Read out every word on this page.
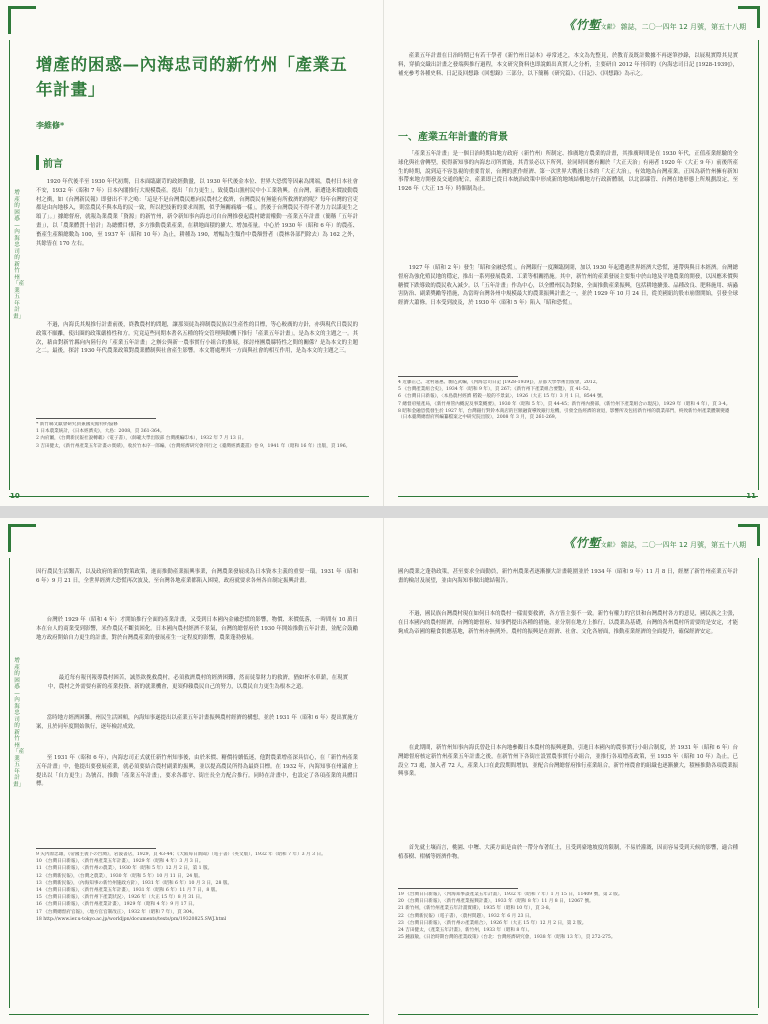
增產的困惑—內海忠司的新竹州「產業五年計畫」
增產的困惑—內海忠司的新竹州「產業五年計畫」
李維修*
前言
1920 年代後半至 1930 年代初期，日本面臨嚴苛的政經動盪，以 1930 年代後金本位、世界大恐慌等因素為開端，農村日本社會不安，1932 年（昭和 7 年）日本內閣推行大規模農產。提出「自力更生」，致使農山漁村民中小工業勃興。在台灣，新遭逢米價波動農村之衝，如《台灣新民報》即發出不平之鳴：「這是不是台灣農民應向民農村之救濟，台灣農民有無能有所救濟的的呢？每年台灣的官吏都是由內地移入，則當農民不與本島的民一致，所以把技術的要求周圍，似乎無關痛癢一樣」，然後于台灣農民不得不著力力以謀更生之頌了」。」據總督府，就報為業農業「資源」的新竹州，新令新知事內海忠司自台灣推發起農村總需權動一產業五年計畫（簡稱「五年計畫」），以「農業體質十倍計」為總體目標，多方推動農業產業，在耕地面積的擴大、增加產量。中心於 1930 年（昭和 6 年）的農產、畜產生產額總數為 100，至 1937 年（昭和 10 年）為止，耕種為 190，增幅為生類作中農額營者（農林各部門除去）為 162 之外，其餘皆在 170 左右。
不過，內海氏其規推行計畫前後，終教農村的問題，讓那須徒為抑制農民族以生產性的目標，等心較廣的方針，亦與現代日農民的政策不願離，使出圈的政策嚴格性和方。究竟這些同期本著名五種的特交管理與動機下推行「產業五年計畫」，是為本文的主題之一。其次，藉由對新竹縣向內陸行內「產業五年計畫」之辦公與新一農事實行小組合的推展，探討州團農縣特性之間的關係？是為本文的主題之二。最後，探討 1930 年代農業政策對農業體制與社會產生影響。本文將處理其一方面與社會的相互作用，是為本文的主題之三。
* 新竹縣文獻會研究員兼國史館特約協修
1 日本農業統計，《日本經濟史》，大島：2008，頁 361-364。
2 內府屬，《台灣新民報社說轉載》（電子書），（師範大學出版部 台灣漢編印本），1932 年 7 月 13 日。
3 吉田健太，《新竹州產業五年計畫の實績》，收於竹本序一郎編，《台灣經濟研究會刊行之《臺灣經濟叢書》卷 9，1941 年（昭和 16 年）出版，頁 196。
10
《竹塹文獻》 雜誌，二〇一四年 12 月號，第五十八期
產業五年計畫在日治時期已有若干學者《新竹州日誌本》尋常述之，本文為先整見，於教育及既計數據不再逐筆抄錄，以展現實際其見實料，穿插交織出計畫之發端與推行過程，本文研究資料也即說頗出真實人之分析，主要研自 2012 年刊印的《內海忠司日記 [1928-1939]》，補充參考各種史料、日記及回想錄《回想錄》三部分，以下簡稱《研究篇》、《日記》、《回想錄》為示之。
一、產業五年計畫的背景
「產業五年計畫」是一個日治時期由地方政府（新竹州）所制定、推廣地方農業的計畫，其推廣時間是在 1930 年代，正值產業經驗的全球化與社會轉型，使得新知事的內海忠司所實施，其背景必以下所列，並同時回應有關於「大正天治」有兩者 1920 年（大正 9 年）前後所產生的時期，說到這不容忽視的重要背景，台灣的蔗作經濟、第一次世界大戰後日本的「大正大治」，有效地為台灣產業。正因為新竹州擁有新知事帶來地方開發及交通的配合，產業即已從日本統治政策中形成新的地域結構地方行政新體制，以北部縣管、台灣在地形態上所規劃設定，至 1926 年（大正 15 年）時額制為止。
1927 年（昭和 2 年）發生「昭和金融恐慌」，台灣銀行一度瀕臨倒閉，加以 1930 年起遭遇世界經濟大恐慌，連帶與與日本經濟。台灣總督府為強化殖民地的穩定，推出一系列發展農業、工業等相關措施。其中，新竹州的產業發展主要集中於山地及平地農業的開發，以因應米價與糖價下跌導致的農民收入減少。以「五年計畫」作為中心，以全體州民為對象，全面推動產業振興，包括耕地擴張、品種改良、肥料施用、病蟲害防治、副業獎勵等措施，為當時台灣各州中規模最大的農業振興計畫之一，並於 1929 年 10 月 24 日，從美國紐約股市崩盤開始，引發全球經濟大蕭條。日本受到波及，於 1930 年（昭和 5 年）陷入「昭和恐慌」。
4 近藤正己、北村嘉惠、駒込武編，《內海忠司日記 [1928-1939]》，京都大學學術出版會，2012。
5 《台灣產業組合史》，1934 年（昭和 9 年），頁 267；《新竹州下產業組合要覽》，頁 41-52。
6 《台灣日日新報》，〈本島農村經濟 稻穀一般的不景氣〉，1926（大正 15 年）3 月 1 日，8544 號。
7 總督府殖產局，《新竹州管內概況及事業概要》，1930 年（昭和 5 年），頁 44-45；新竹州內務部，《新竹州下產業組合の現況》，1929 年（昭和 4 年），頁 3-4。
8 昭和金融恐慌發生於 1927 年，台灣銀行對鈴木商店的巨額融資導致銀行危機，引發全島經濟的衰退，影響所及包括新竹州的農業部門，終致新竹州產業體制變遷（日本臺灣總督府所編纂檔案之中研究院出版），2008 年 3 月，頁 261-269。
11
增產的困惑—內海忠司的新竹州「產業五年計畫」
因行農民生活艱苦，以及政府的新的對策政策，進而推動產業振興事業，台灣農業發展成為日本資本主義的重要一環。1931 年（昭和 6 年）9 月 21 日，全世界經濟大恐慌再次波及，至台灣各地產業都陷入困境，政府就要求各州各自制定振興計畫。
台灣於 1929 年（昭和 4 年）才開始推行全面的產業計畫，又受到日本國內金融恐慌的影響，物價、米價低落，一時間有 10 萬日本在台人的商業受到影響，米作農民不斷貧困化。日本國內農村經濟不景氣，台灣的總督府於 1930 年開始推動五年計畫，並配合鼓勵地方政府開始自力更生的計畫，對於台灣農產業的發展產生一定程度的影響，農業蓬勃發展。
最近每有報刊報導農村困苦，誠然欲挽救農村，必須救濟農村的經濟困難，然而徒靠財力的救濟，猶如杯水車薪，在現實中，農村之外需要有新的產業投資、新的就業機會，更須仰賴農民自己的努力，以農民自力更生為根本之道。
當時地方經濟困難，州民生活困頓，內海知事遂提出以產業五年計畫振興農村經濟的構想，並於 1931 年（昭和 6 年）提出實施方案，且於同年度開始執行，逐年檢討成效。
至 1931 年（昭和 6 年），內海忠司正式就任新竹州知事後，由於米價、糖價持續低迷，他對農業增產深具信心，在「新竹州產業五年計畫」中，他提出要發展產業，就必須要結合農村副業的振興，並以提高農民所得為最終目標。在 1932 年，內海知事在州議會上提出以「自力更生」為號召，推動「產業五年計畫」，要求各郡守、街庄長全力配合推行。同時在計畫中，也設定了各項產業的具體目標。
9 矢內原忠雄，《帝國主義下の台灣》，岩波書店，1929，頁 43-44；《大阪每日新聞》（電子書）（英文版），1932 年（昭和 7 年）3 月 3 日。
10 《台灣日日新報》，〈新竹州產業五年計畫〉，1929 年（昭和 4 年）3 月 3 日。
11 《台灣日日新報》，〈新竹州の農業〉，1930 年（昭和 5 年）12 月 2 日，第 1 版。
12 《台灣新民報》，〈台灣之農業〉，1930 年（昭和 5 年）10 月 11 日，24 版。
13 《台灣新民報》，〈內海知事の新竹州施政方針〉，1931 年（昭和 6 年）10 月 3 日，28 版。
14 《台灣日日新報》，〈新竹州產業五年計畫〉，1931 年（昭和 6 年）11 月 7 日，8 版。
15 《台灣日日新報》，〈新竹州下產業狀況〉，1926 年（大正 15 年）8 月 31 日。
16 《台灣日日新報》，〈新竹州產業計畫〉，1929 年（昭和 4 年）9 月 17 日。
17 《台灣總督府官報》，〈地方官官制改正〉，1932 年（昭和 7 年），頁 304。
18 http://www.ier.u-tokyo.ac.jp/worldjpn/documents/texts/pm/19320825.SWJ.html
《竹塹文獻》 雜誌，二〇一四年 12 月號，第五十八期
國內農業之蓬勃政策，甚至要求全面動員，新竹州農業者逐漸擴大計畫範圍並於 1934 年（昭和 9 年）11 月 8 日，經歷了新竹州產業五年計畫的檢討及展望，並由內海知事做出總結報告。
不過，國民族台灣農村現在如何日本的農村一樣需要救濟，各方皆主張不一致。新竹有權力的官員和台灣農村各方的意見，國民族之主張，在日本國內的農村經濟，台灣的總督府、知事們提出各種的措施，並分別在地方上推行，以農業為基礎，台灣的各州農村所需要的是安定，才能夠成為帝國的糧食供應基地，新竹州亦無例外。農村的振興是在經濟、社會、文化各層面，推動產業經濟的全面提升，確保經濟安定。
在此期間，新竹州知事內海氏曾赴日本內地參觀日本農村的振興運動，引進日本國內的農事實行小組合制度，於 1931 年（昭和 6 年）台灣總督府核定新竹州產業五年計畫之後，在新竹州下各街庄設置農事實行小組合，並推行各項增產政策，至 1935 年（昭和 10 年）為止，已設立 73 處，加入者 72 人，產業人口在此段期間增加，並配合台灣總督府推行產業組合，新竹州農會的組織也逐漸擴大，積極推動各項農業振興事業。
首先就土壤而言，桃園、中壢、大溪方面是由於一帶分布著紅土，且受到臺地坡度的限制，不易於灌溉，因而容易受到天候的影響，適合種植茶樹、柑橘等經濟作物。
19 《台灣日日新報》，〈內海知事談產業五年計畫〉，1932 年（昭和 7 年）1 月 15 日，11409 號，第 2 版。
20 《台灣日日新報》，〈新竹州產業振興計畫〉，1933 年（昭和 8 年）11 月 8 日，12067 號。
21 新竹州，《新竹州產業五年計畫實績》，1935 年（昭和 10 年），頁 3-8。
22 《台灣新民報》（電子書），〈農村問題〉，1932 年 6 月 23 日。
23 《台灣日日新報》，〈新竹州の產業組合〉，1926 年（大正 15 年）12 月 2 日，第 2 版。
24 吉田健太，《產業五年計畫》，新竹州，1933 年（昭和 8 年）。
25 鍾淑敏，《日治時期台灣的產業政策》（台北：台灣經濟研究會，1938 年（昭和 13 年），頁 272-275。
